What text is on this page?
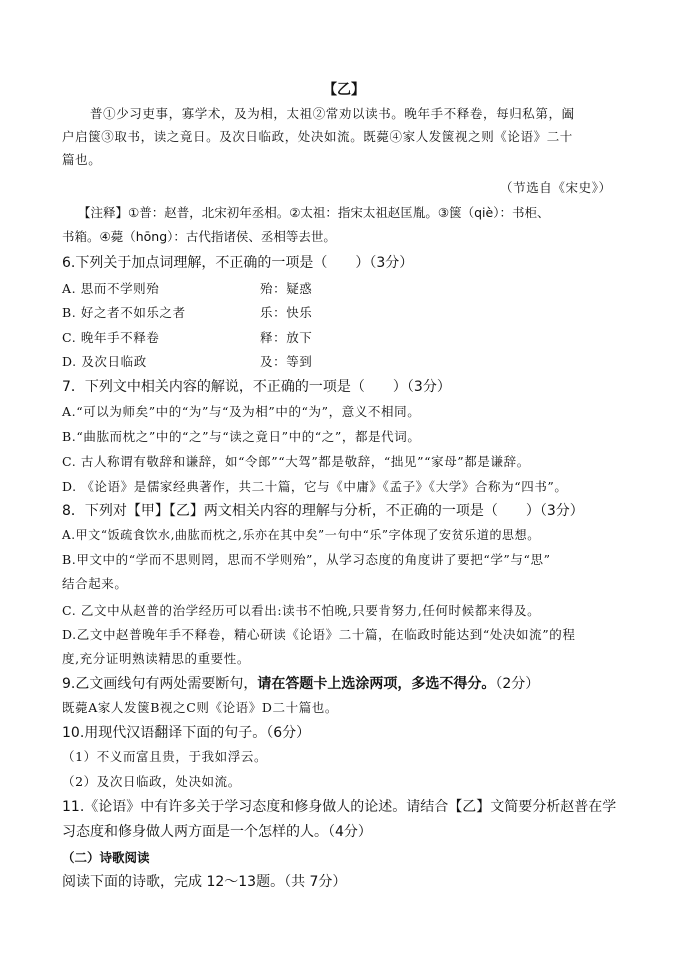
【乙】
普①少习吏事，寡学术，及为相，太祖②常劝以读书。晚年手不释卷，每归私第，阖
户启箧③取书，读之竟日。及次日临政，处决如流。既薨④家人发箧视之则《论语》二十
篇也。
（节选自《宋史》）
【注释】①普：赵普，北宋初年丞相。②太祖：指宋太祖赵匡胤。③箧（qiè）：书柜、
书箱。④薨（hōng）：古代指诸侯、丞相等去世。
6.下列关于加点词理解，不正确的一项是（　　）（3分）
A. 思而不学则殆	殆：疑惑
B. 好之者不如乐之者	乐：快乐
C. 晚年手不释卷	释：放下
D. 及次日临政	及：等到
7．下列文中相关内容的解说，不正确的一项是（　　）（3分）
A.“可以为师矣”中的“为”与“及为相”中的“为”，意义不相同。
B.“曲肱而枕之”中的“之”与“读之竟日”中的“之”，都是代词。
C. 古人称谓有敬辞和谦辞，如“令郎”“大驾”都是敬辞，“拙见”“家母”都是谦辞。
D. 《论语》是儒家经典著作，共二十篇，它与《中庸》《孟子》《大学》合称为“四书”。
8．下列对【甲】【乙】两文相关内容的理解与分析，不正确的一项是（　　）（3分）
A.甲文“饭疏食饮水,曲肱而枕之,乐亦在其中矣”一句中“乐”字体现了安贫乐道的思想。
B.甲文中的“学而不思则罔，思而不学则殆”，从学习态度的角度讲了要把“学”与“思”
结合起来。
C. 乙文中从赵普的治学经历可以看出:读书不怕晚,只要肯努力,任何时候都来得及。
D.乙文中赵普晚年手不释卷，精心研读《论语》二十篇，在临政时能达到“处决如流”的程
度,充分证明熟读精思的重要性。
9.乙文画线句有两处需要断句，请在答题卡上选涂两项，多选不得分。（2分）
既薨A家人发箧B视之C则《论语》D二十篇也。
10.用现代汉语翻译下面的句子。（6分）
（1）不义而富且贵，于我如浮云。
（2）及次日临政，处决如流。
11.《论语》中有许多关于学习态度和修身做人的论述。请结合【乙】文简要分析赵普在学
习态度和修身做人两方面是一个怎样的人。（4分）
（二）诗歌阅读
阅读下面的诗歌，完成 12～13题。（共 7分）
